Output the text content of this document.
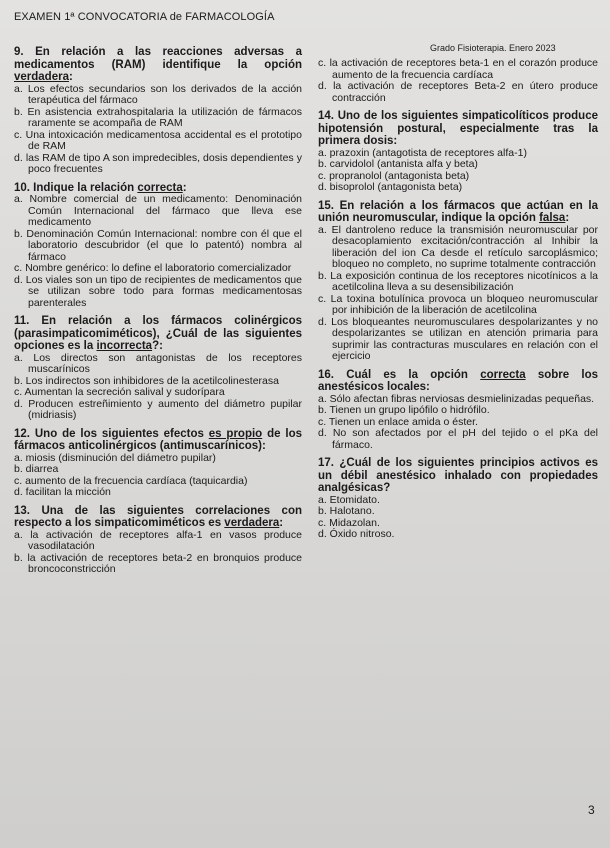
EXAMEN 1ª CONVOCATORIA de FARMACOLOGÍA
Grado Fisioterapia. Enero 2023
9. En relación a las reacciones adversas a medicamentos (RAM) identifique la opción verdadera:
a. Los efectos secundarios son los derivados de la acción terapéutica del fármaco
b. En asistencia extrahospitalaria la utilización de fármacos raramente se acompaña de RAM
c. Una intoxicación medicamentosa accidental es el prototipo de RAM
d. las RAM de tipo A son impredecibles, dosis dependientes y poco frecuentes
10. Indique la relación correcta:
a. Nombre comercial de un medicamento: Denominación Común Internacional del fármaco que lleva ese medicamento
b. Denominación Común Internacional: nombre con él que el laboratorio descubridor (el que lo patentó) nombra al fármaco
c. Nombre genérico: lo define el laboratorio comercializador
d. Los viales son un tipo de recipientes de medicamentos que se utilizan sobre todo para formas medicamentosas parenterales
11. En relación a los fármacos colinérgicos (parasimpaticomiméticos), ¿Cuál de las siguientes opciones es la incorrecta?:
a. Los directos son antagonistas de los receptores muscarínicos
b. Los indirectos son inhibidores de la acetilcolinesterasa
c. Aumentan la secreción salival y sudorípara
d. Producen estreñimiento y aumento del diámetro pupilar (midriasis)
12. Uno de los siguientes efectos es propio de los fármacos anticolinérgicos (antimuscarínicos):
a. miosis (disminución del diámetro pupilar)
b. diarrea
c. aumento de la frecuencia cardíaca (taquicardia)
d. facilitan la micción
13. Una de las siguientes correlaciones con respecto a los simpaticomiméticos es verdadera:
a. la activación de receptores alfa-1 en vasos produce vasodilatación
b. la activación de receptores beta-2 en bronquios produce broncoconstricción
c. la activación de receptores beta-1 en el corazón produce aumento de la frecuencia cardíaca
d. la activación de receptores Beta-2 en útero produce contracción
14. Uno de los siguientes simpaticolíticos produce hipotensión postural, especialmente tras la primera dosis:
a. prazoxin (antagotista de receptores alfa-1)
b. carvidolol (antanista alfa y beta)
c. propranolol (antagonista beta)
d. bisoprolol (antagonista beta)
15. En relación a los fármacos que actúan en la unión neuromuscular, indique la opción falsa:
a. El dantroleno reduce la transmisión neuromuscular por desacoplamiento excitación/contracción al Inhibir la liberación del ion Ca desde el retículo sarcoplásmico; bloqueo no completo, no suprime totalmente contracción
b. La exposición continua de los receptores nicotínicos a la acetilcolina lleva a su desensibilización
c. La toxina botulínica provoca un bloqueo neuromuscular por inhibición de la liberación de acetilcolina
d. Los bloqueantes neuromusculares despolarizantes y no despolarizantes se utilizan en atención primaria para suprimir las contracturas musculares en relación con el ejercicio
16. Cuál es la opción correcta sobre los anestésicos locales:
a. Sólo afectan fibras nerviosas desmielinizadas pequeñas.
b. Tienen un grupo lipófilo o hidrófilo.
c. Tienen un enlace amida o éster.
d. No son afectados por el pH del tejido o el pKa del fármaco.
17. ¿Cuál de los siguientes principios activos es un débil anestésico inhalado con propiedades analgésicas?
a. Etomidato.
b. Halotano.
c. Midazolan.
d. Óxido nitroso.
3
